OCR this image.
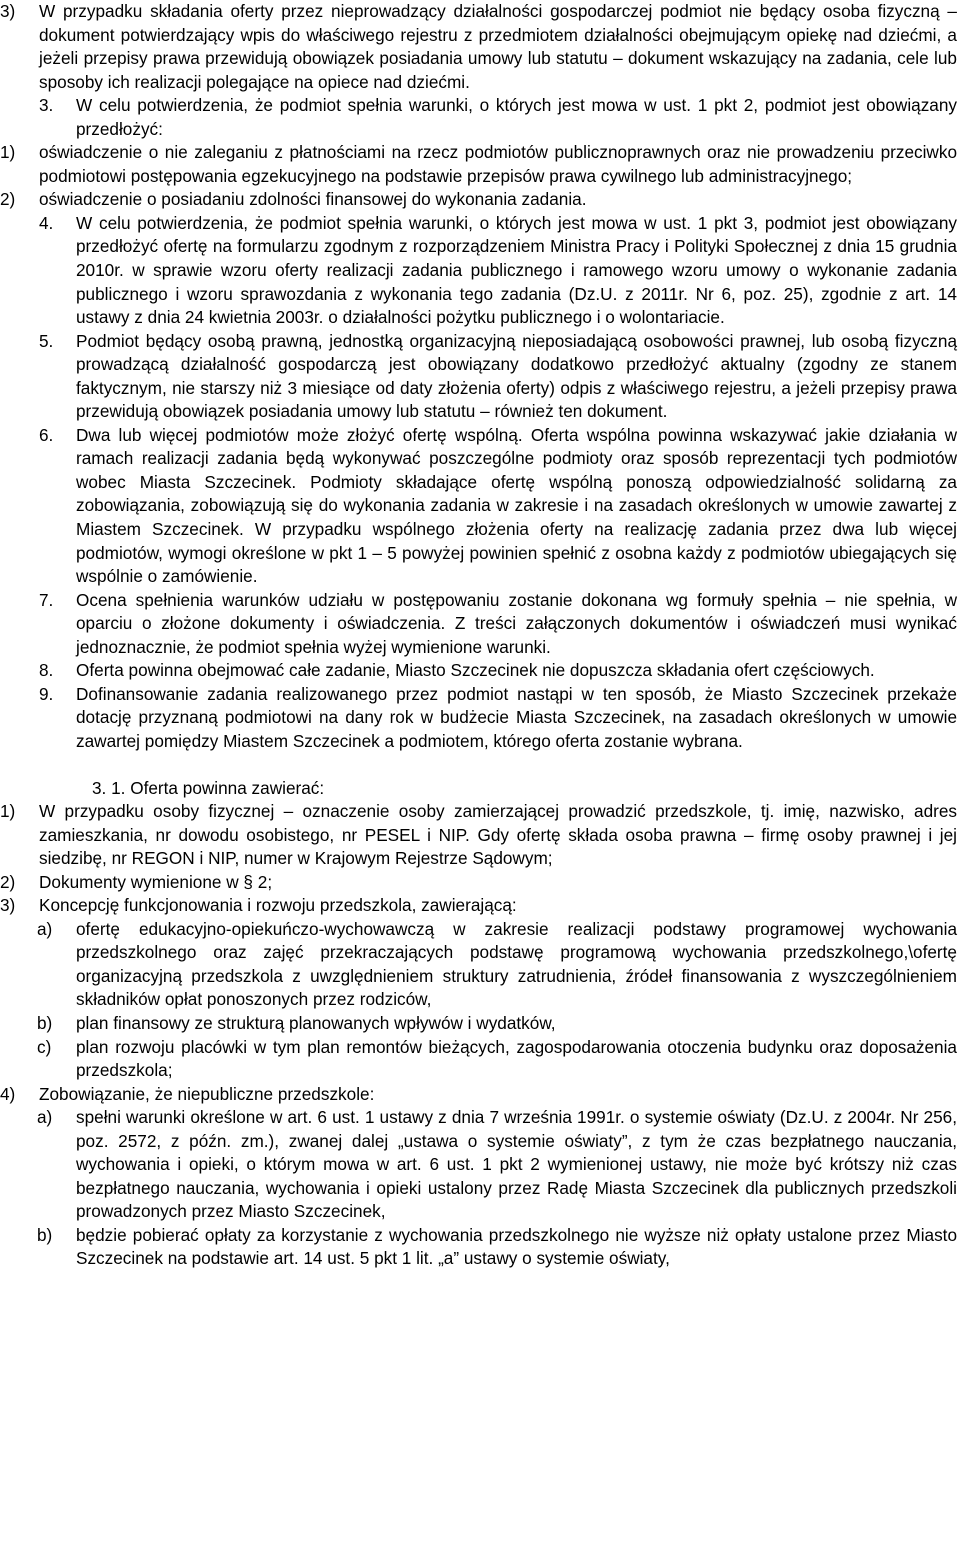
3) W przypadku składania oferty przez nieprowadzący działalności gospodarczej podmiot nie będący osoba fizyczną – dokument potwierdzający wpis do właściwego rejestru z przedmiotem działalności obejmującym opiekę nad dziećmi, a jeżeli przepisy prawa przewidują obowiązek posiadania umowy lub statutu – dokument wskazujący na zadania, cele lub sposoby ich realizacji polegające na opiece nad dziećmi.
3. W celu potwierdzenia, że podmiot spełnia warunki, o których jest mowa w ust. 1 pkt 2, podmiot jest obowiązany przedłożyć:
1) oświadczenie o nie zaleganiu z płatnościami na rzecz podmiotów publicznoprawnych oraz nie prowadzeniu przeciwko podmiotowi postępowania egzekucyjnego na podstawie przepisów prawa cywilnego lub administracyjnego;
2) oświadczenie o posiadaniu zdolności finansowej do wykonania zadania.
4. W celu potwierdzenia, że podmiot spełnia warunki, o których jest mowa w ust. 1 pkt 3, podmiot jest obowiązany przedłożyć ofertę na formularzu zgodnym z rozporządzeniem Ministra Pracy i Polityki Społecznej z dnia 15 grudnia 2010r. w sprawie wzoru oferty realizacji zadania publicznego i ramowego wzoru umowy o wykonanie zadania publicznego i wzoru sprawozdania z wykonania tego zadania (Dz.U. z 2011r. Nr 6, poz. 25), zgodnie z art. 14 ustawy z dnia 24 kwietnia 2003r. o działalności pożytku publicznego i o wolontariacie.
5. Podmiot będący osobą prawną, jednostką organizacyjną nieposiadającą osobowości prawnej, lub osobą fizyczną prowadzącą działalność gospodarczą jest obowiązany dodatkowo przedłożyć aktualny (zgodny ze stanem faktycznym, nie starszy niż 3 miesiące od daty złożenia oferty) odpis z właściwego rejestru, a jeżeli przepisy prawa przewidują obowiązek posiadania umowy lub statutu – również ten dokument.
6. Dwa lub więcej podmiotów może złożyć ofertę wspólną. Oferta wspólna powinna wskazywać jakie działania w ramach realizacji zadania będą wykonywać poszczególne podmioty oraz sposób reprezentacji tych podmiotów wobec Miasta Szczecinek. Podmioty składające ofertę wspólną ponoszą odpowiedzialność solidarną za zobowiązania, zobowiązują się do wykonania zadania w zakresie i na zasadach określonych w umowie zawartej z Miastem Szczecinek. W przypadku wspólnego złożenia oferty na realizację zadania przez dwa lub więcej podmiotów, wymogi określone w pkt 1 – 5 powyżej powinien spełnić z osobna każdy z podmiotów ubiegających się wspólnie o zamówienie.
7. Ocena spełnienia warunków udziału w postępowaniu zostanie dokonana wg formuły spełnia – nie spełnia, w oparciu o złożone dokumenty i oświadczenia. Z treści załączonych dokumentów i oświadczeń musi wynikać jednoznacznie, że podmiot spełnia wyżej wymienione warunki.
8. Oferta powinna obejmować całe zadanie, Miasto Szczecinek nie dopuszcza składania ofert częściowych.
9. Dofinansowanie zadania realizowanego przez podmiot nastąpi w ten sposób, że Miasto Szczecinek przekaże dotację przyznaną podmiotowi na dany rok w budżecie Miasta Szczecinek, na zasadach określonych w umowie zawartej pomiędzy Miastem Szczecinek a podmiotem, którego oferta zostanie wybrana.
3. 1. Oferta powinna zawierać:
1) W przypadku osoby fizycznej – oznaczenie osoby zamierzającej prowadzić przedszkole, tj. imię, nazwisko, adres zamieszkania, nr dowodu osobistego, nr PESEL i NIP. Gdy ofertę składa osoba prawna – firmę osoby prawnej i jej siedzibę, nr REGON i NIP, numer w Krajowym Rejestrze Sądowym;
2) Dokumenty wymienione w § 2;
3) Koncepcję funkcjonowania i rozwoju przedszkola, zawierającą:
a) ofertę edukacyjno-opiekuńczo-wychowawczą w zakresie realizacji podstawy programowej wychowania przedszkolnego oraz zajęć przekraczających podstawę programową wychowania przedszkolnego,\ofertę organizacyjną przedszkola z uwzględnieniem struktury zatrudnienia, źródeł finansowania z wyszczególnieniem składników opłat ponoszonych przez rodziców,
b) plan finansowy ze strukturą planowanych wpływów i wydatków,
c) plan rozwoju placówki w tym plan remontów bieżących, zagospodarowania otoczenia budynku oraz doposażenia przedszkola;
4) Zobowiązanie, że niepubliczne przedszkole:
a) spełni warunki określone w art. 6 ust. 1 ustawy z dnia 7 września 1991r. o systemie oświaty (Dz.U. z 2004r. Nr 256, poz. 2572, z późn. zm.), zwanej dalej „ustawa o systemie oświaty”, z tym że czas bezpłatnego nauczania, wychowania i opieki, o którym mowa w art. 6 ust. 1 pkt 2 wymienionej ustawy, nie może być krótszy niż czas bezpłatnego nauczania, wychowania i opieki ustalony przez Radę Miasta Szczecinek dla publicznych przedszkoli prowadzonych przez Miasto Szczecinek,
b) będzie pobierać opłaty za korzystanie z wychowania przedszkolnego nie wyższe niż opłaty ustalone przez Miasto Szczecinek na podstawie art. 14 ust. 5 pkt 1 lit. „a” ustawy o systemie oświaty,
